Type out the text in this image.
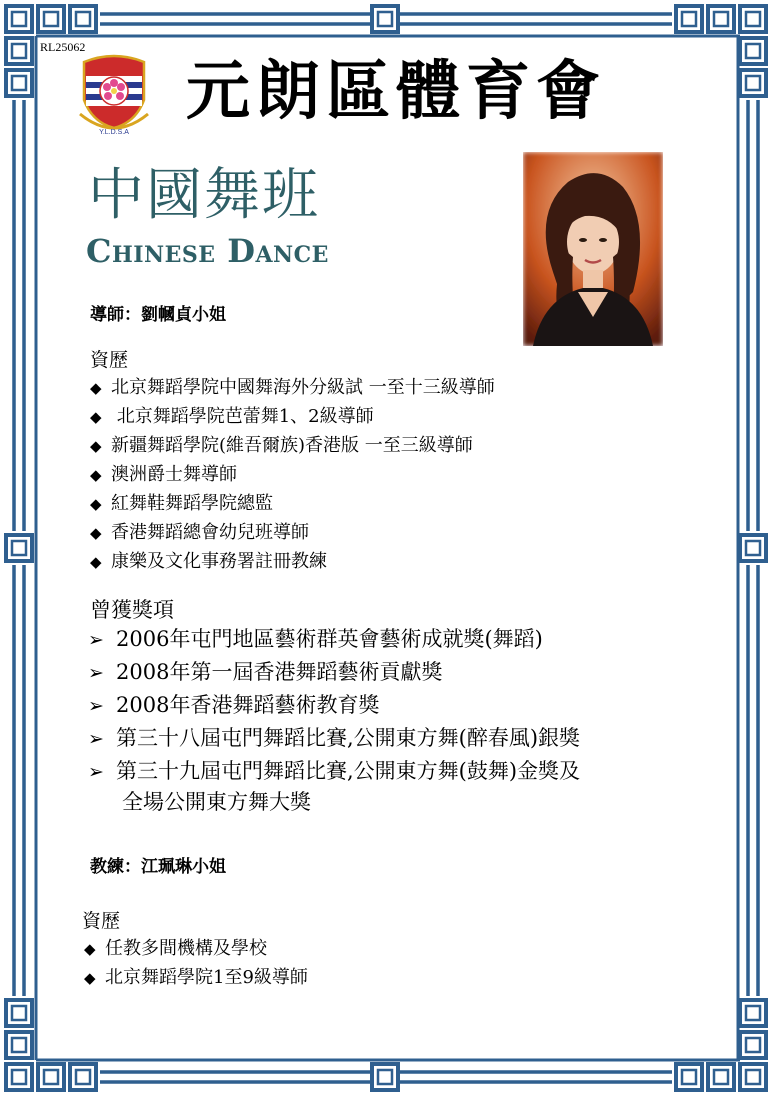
RL25062
Y.L.D.S.A
元朗區體育會
中國舞班
Chinese Dance
導師：劉幗貞小姐
資歷
◆ 北京舞蹈學院中國舞海外分級試 一至十三級導師
◆ 北京舞蹈學院芭蕾舞1、2級導師
◆ 新疆舞蹈學院(維吾爾族)香港版 一至三級導師
◆ 澳洲爵士舞導師
◆ 紅舞鞋舞蹈學院總監
◆ 香港舞蹈總會幼兒班導師
◆ 康樂及文化事務署註冊教練
曾獲獎項
➢ 2006年屯門地區藝術群英會藝術成就獎(舞蹈)
➢ 2008年第一屆香港舞蹈藝術貢獻獎
➢ 2008年香港舞蹈藝術教育獎
➢ 第三十八屆屯門舞蹈比賽,公開東方舞(醉春風)銀獎
➢ 第三十九屆屯門舞蹈比賽,公開東方舞(鼓舞)金獎及
全場公開東方舞大獎
教練：江珮琳小姐
資歷
◆ 任教多間機構及學校
◆ 北京舞蹈學院1至9級導師
